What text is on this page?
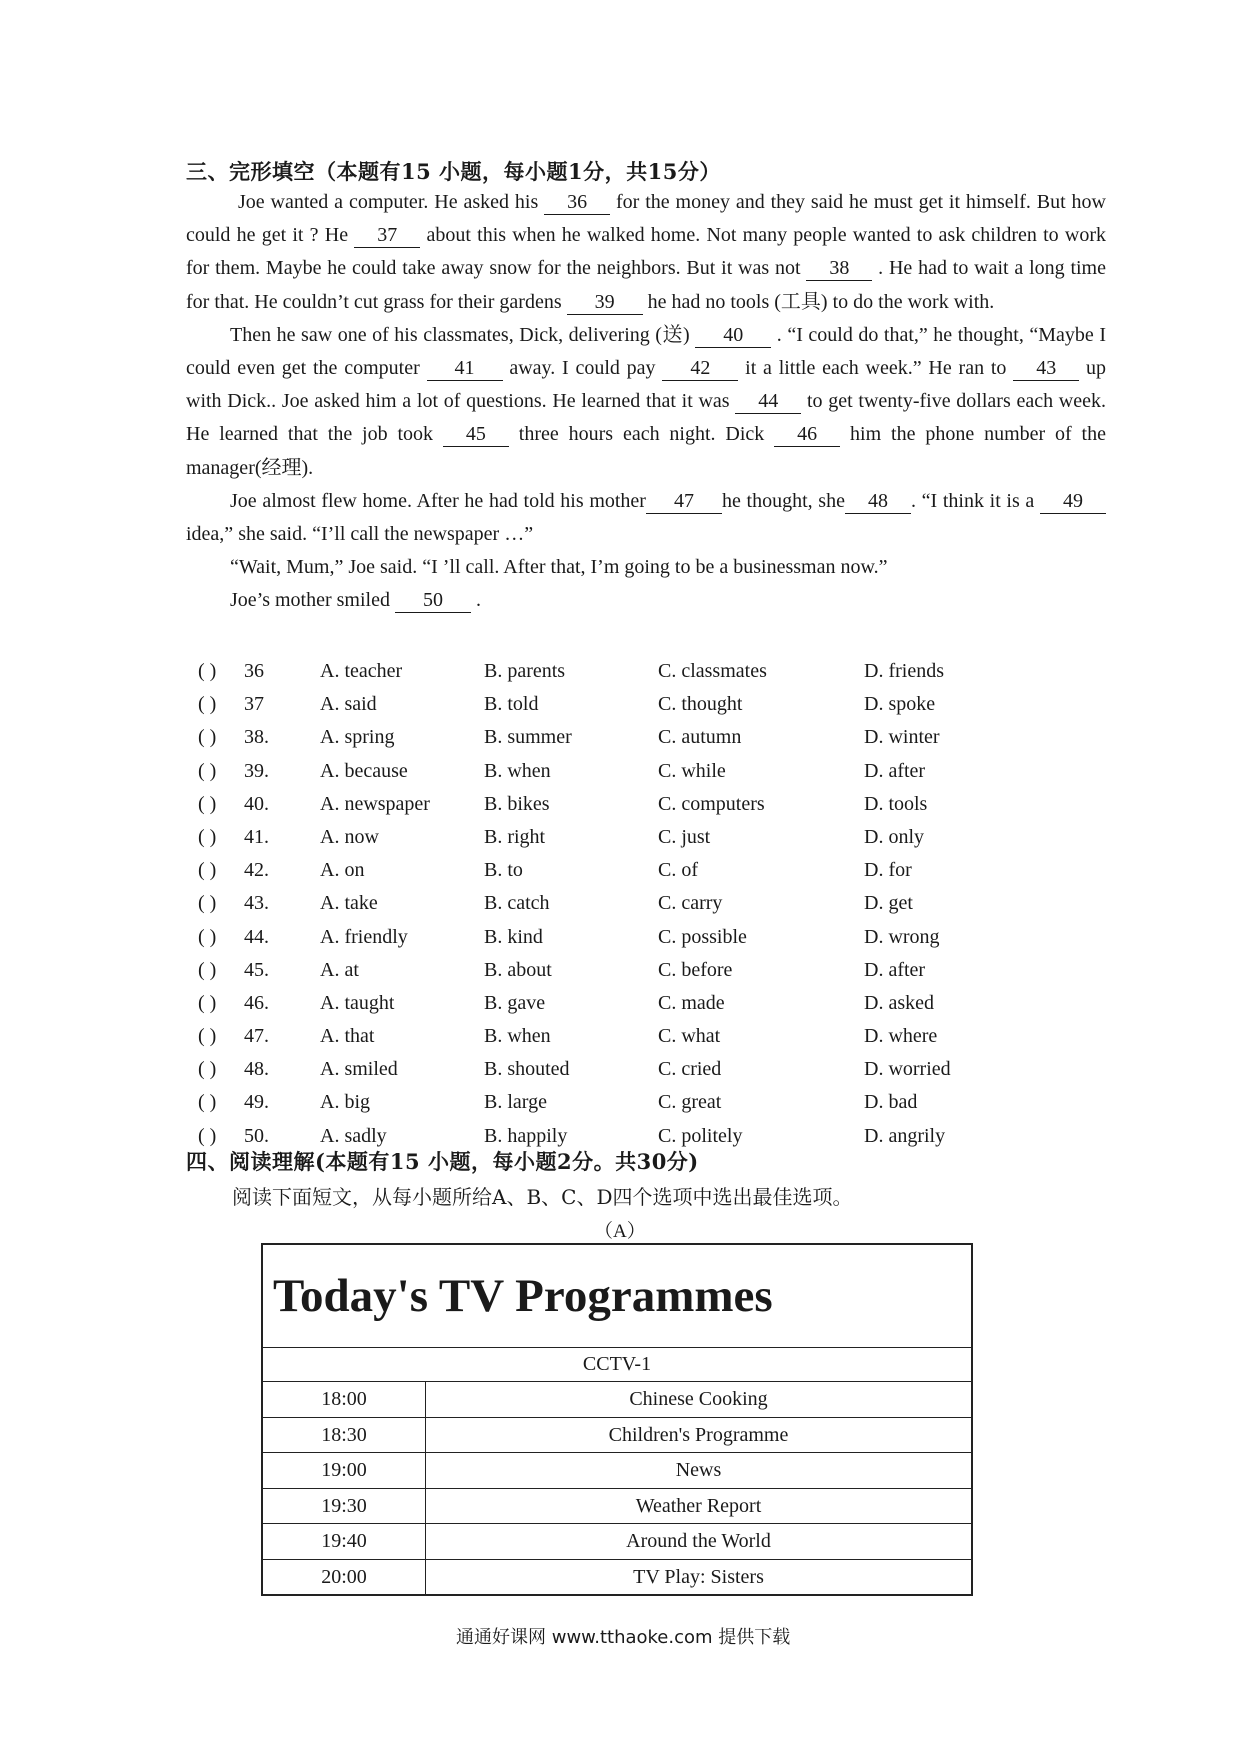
三、完形填空（本题有15 小题，每小题1分，共15分）

Joe wanted a computer. He asked his 36 for the money and they said he must get it himself. But how could he get it ? He 37 about this when he walked home. Not many people wanted to ask children to work for them. Maybe he could take away snow for the neighbors. But it was not 38 . He had to wait a long time for that. He couldn’t cut grass for their gardens 39 he had no tools (工具) to do the work with.

Then he saw one of his classmates, Dick, delivering (送) 40 . “I could do that,” he thought, “Maybe I could even get the computer 41 away. I could pay 42 it a little each week.” He ran to 43 up with Dick.. Joe asked him a lot of questions. He learned that it was 44 to get twenty-five dollars each week. He learned that the job took 45 three hours each night. Dick 46 him the phone number of the manager(经理).

Joe almost flew home. After he had told his mother 47 he thought, she 48 . “I think it is a 49 idea,” she said. “I’ll call the newspaper …”

“Wait, Mum,” Joe said. “I ’ll call. After that, I’m going to be a businessman now.”

Joe’s mother smiled 50 .

( ) 36	A. teacher	B. parents	C. classmates	D. friends
( ) 37	A. said	B. told	C. thought	D. spoke
( ) 38.	A. spring	B. summer	C. autumn	D. winter
( ) 39.	A. because	B. when	C. while	D. after
( ) 40.	A. newspaper	B. bikes	C. computers	D. tools
( ) 41.	A. now	B. right	C. just	D. only
( ) 42.	A. on	B. to	C. of	D. for
( ) 43.	A. take	B. catch	C. carry	D. get
( ) 44.	A. friendly	B. kind	C. possible	D. wrong
( ) 45.	A. at	B. about	C. before	D. after
( ) 46.	A. taught	B. gave	C. made	D. asked
( ) 47.	A. that	B. when	C. what	D. where
( ) 48.	A. smiled	B. shouted	C. cried	D. worried
( ) 49.	A. big	B. large	C. great	D. bad
( ) 50.	A. sadly	B. happily	C. politely	D. angrily
四、阅读理解(本题有15 小题，每小题2分。共30分)
阅读下面短文，从每小题所给A、B、C、D四个选项中选出最佳选项。
（A）
Today's TV Programmes
CCTV-1
18:00	Chinese Cooking
18:30	Children's Programme
19:00	News
19:30	Weather Report
19:40	Around the World
20:00	TV Play: Sisters
通通好课网 www.tthaoke.com 提供下载
